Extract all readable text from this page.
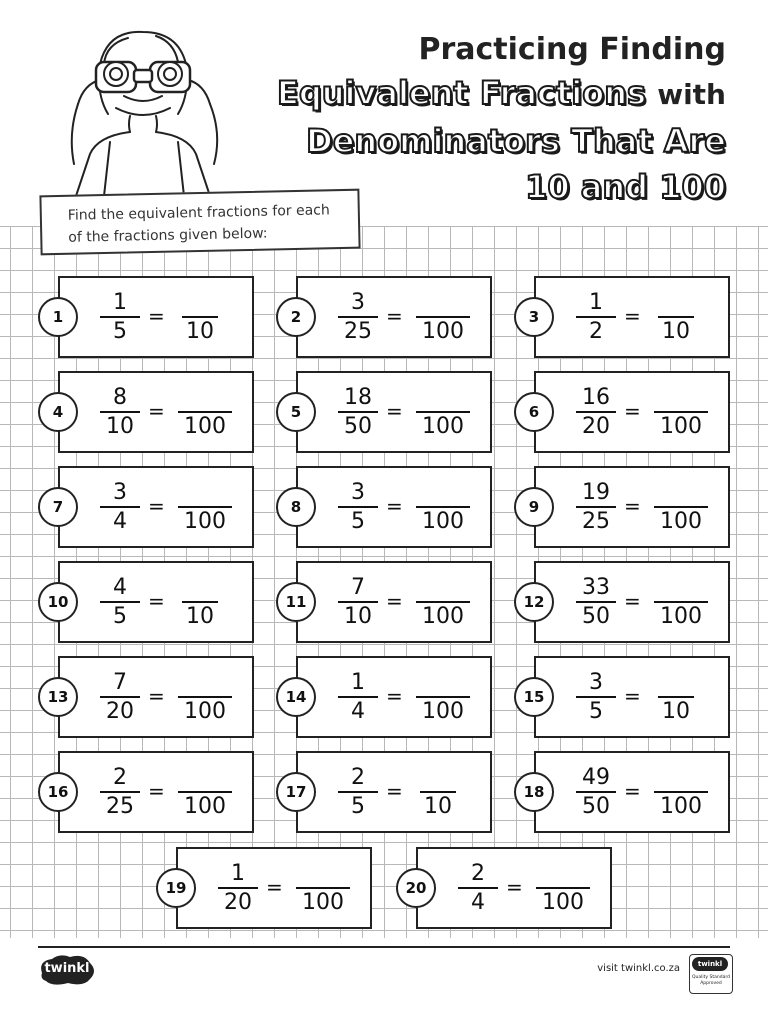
Practicing Finding
Equivalent Fractions with
Denominators That Are
10 and 100
Find the equivalent fractions for each
of the fractions given below:
1
1
5
=
10
2
3
25
=
100
3
1
2
=
10
4
8
10
=
100
5
18
50
=
100
6
16
20
=
100
7
3
4
=
100
8
3
5
=
100
9
19
25
=
100
10
4
5
=
10
11
7
10
=
100
12
33
50
=
100
13
7
20
=
100
14
1
4
=
100
15
3
5
=
10
16
2
25
=
100
17
2
5
=
10
18
49
50
=
100
19
1
20
=
100
20
2
4
=
100
twinkl	visit twinkl.co.za	twinkl
Quality Standard
Approved
